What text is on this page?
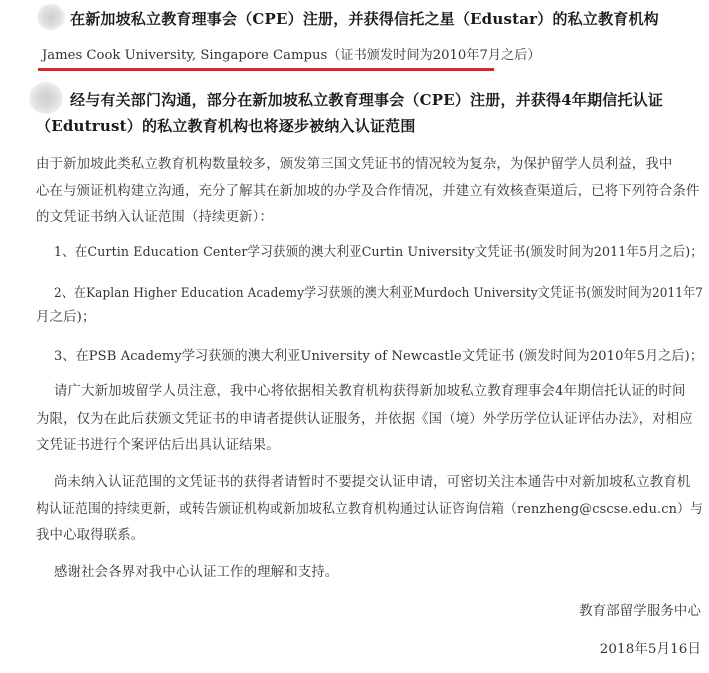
在新加坡私立教育理事会（CPE）注册，并获得信托之星（Edustar）的私立教育机构
James Cook University, Singapore Campus（证书颁发时间为2010年7月之后）
经与有关部门沟通，部分在新加坡私立教育理事会（CPE）注册，并获得4年期信托认证
（Edutrust）的私立教育机构也将逐步被纳入认证范围
由于新加坡此类私立教育机构数量较多，颁发第三国文凭证书的情况较为复杂，为保护留学人员利益，我中
心在与颁证机构建立沟通，充分了解其在新加坡的办学及合作情况，并建立有效核查渠道后，已将下列符合条件
的文凭证书纳入认证范围（持续更新）：
1、在Curtin Education Center学习获颁的澳大利亚Curtin University文凭证书(颁发时间为2011年5月之后)；
2、在Kaplan Higher Education Academy学习获颁的澳大利亚Murdoch University文凭证书(颁发时间为2011年7
月之后)；
3、在PSB Academy学习获颁的澳大利亚University of Newcastle文凭证书 (颁发时间为2010年5月之后)；
请广大新加坡留学人员注意，我中心将依据相关教育机构获得新加坡私立教育理事会4年期信托认证的时间
为限，仅为在此后获颁文凭证书的申请者提供认证服务，并依据《国（境）外学历学位认证评估办法》，对相应
文凭证书进行个案评估后出具认证结果。
尚未纳入认证范围的文凭证书的获得者请暂时不要提交认证申请，可密切关注本通告中对新加坡私立教育机
构认证范围的持续更新，或转告颁证机构或新加坡私立教育机构通过认证咨询信箱（renzheng@cscse.edu.cn）与
我中心取得联系。
感谢社会各界对我中心认证工作的理解和支持。
教育部留学服务中心
2018年5月16日
